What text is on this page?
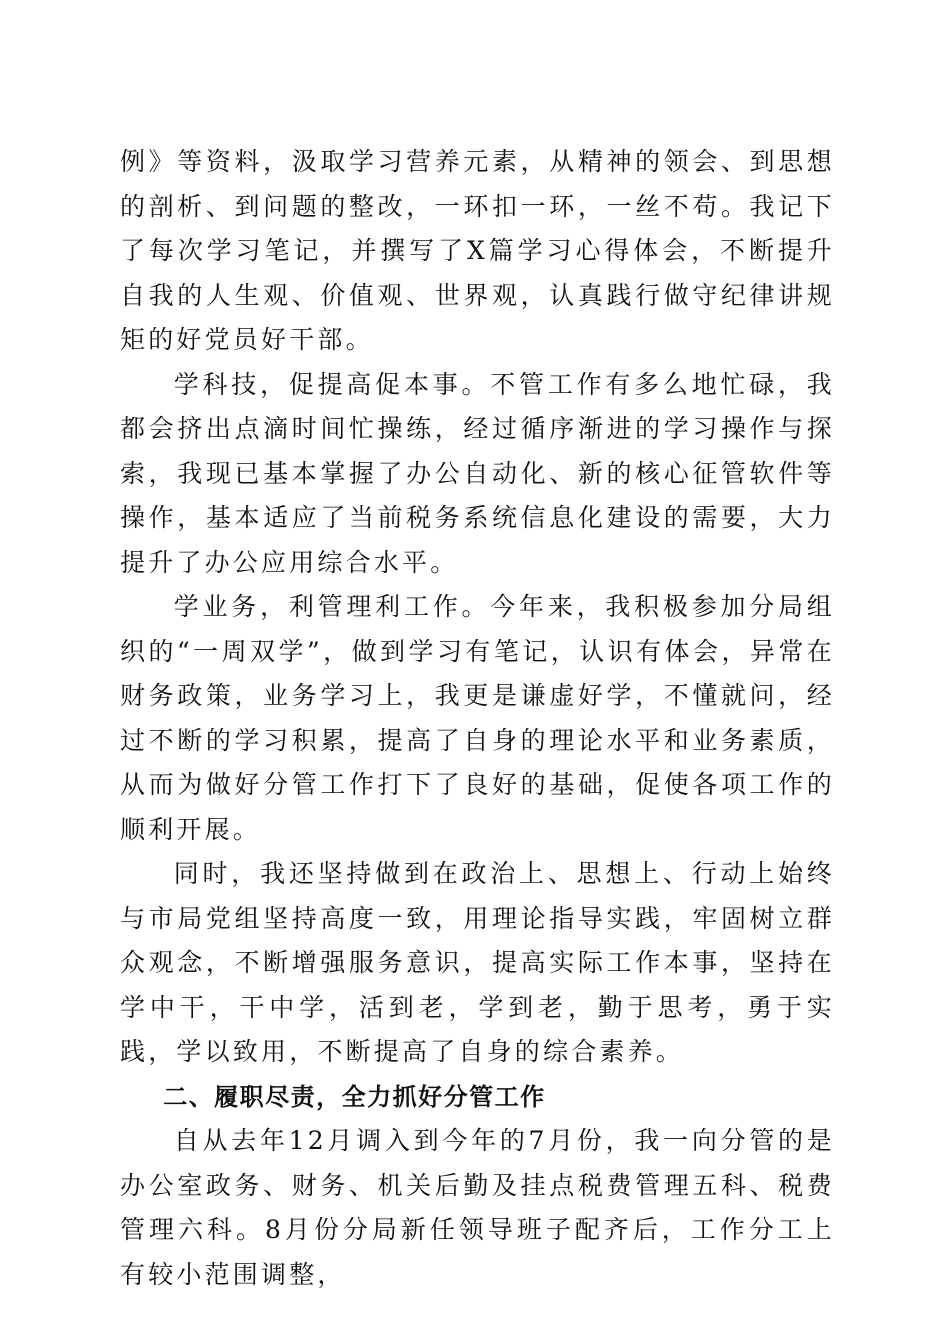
例》等资料，汲取学习营养元素，从精神的领会、到思想的剖析、到问题的整改，一环扣一环，一丝不苟。我记下了每次学习笔记，并撰写了X篇学习心得体会，不断提升自我的人生观、价值观、世界观，认真践行做守纪律讲规矩的好党员好干部。

学科技，促提高促本事。不管工作有多么地忙碌，我都会挤出点滴时间忙操练，经过循序渐进的学习操作与探索，我现已基本掌握了办公自动化、新的核心征管软件等操作，基本适应了当前税务系统信息化建设的需要，大力提升了办公应用综合水平。

学业务，利管理利工作。今年来，我积极参加分局组织的“一周双学”，做到学习有笔记，认识有体会，异常在财务政策，业务学习上，我更是谦虚好学，不懂就问，经过不断的学习积累，提高了自身的理论水平和业务素质，从而为做好分管工作打下了良好的基础，促使各项工作的顺利开展。

同时，我还坚持做到在政治上、思想上、行动上始终与市局党组坚持高度一致，用理论指导实践，牢固树立群众观念，不断增强服务意识，提高实际工作本事，坚持在学中干，干中学，活到老，学到老，勤于思考，勇于实践，学以致用，不断提高了自身的综合素养。

二、履职尽责，全力抓好分管工作

自从去年12月调入到今年的7月份，我一向分管的是办公室政务、财务、机关后勤及挂点税费管理五科、税费管理六科。8月份分局新任领导班子配齐后，工作分工上有较小范围调整，
